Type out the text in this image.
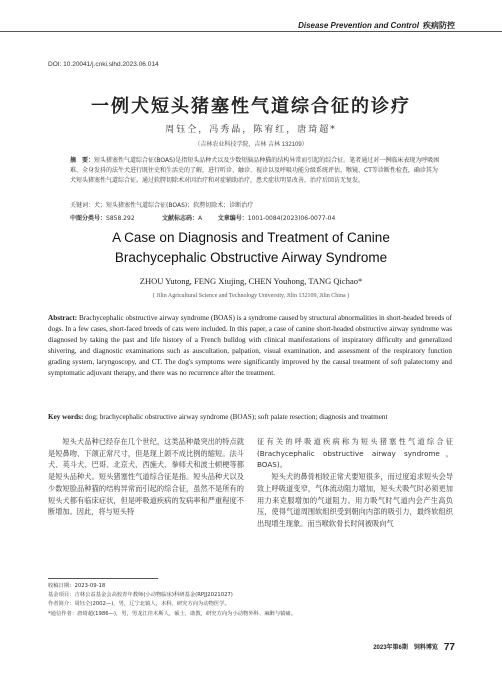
Disease Prevention and Control 疾病防控
DOI: 10.20041/j.cnki.slhd.2023.06.014
一例犬短头猪塞性气道综合征的诊疗
周钰仝，冯秀晶，陈宥红，唐琦超*
（吉林农业科技学院，吉林 吉林 132109）
摘　要：短头猪塞性气道综合征(BOAS)是指短头品种犬以及少数短脑品种猫的结构异常而引起的综合征。笔者通过对一例临床表现为呼吸困难、全身发抖的法牛犬进行既往史和生活史的了解，进行听诊、触诊、视诊以及呼吸功能分级系统评估、喉镜、CT等诊断性检查，确诊其为犬短头猪塞性气道综合征。通过软腭切除术对因治疗和对症辅助治疗，患犬症状明显改善，治疗后回访无复发。
关键词：犬；短头猪塞性气道综合征(BOAS)；软腭切除术；诊断治疗
中图分类号：S858.292	文献标志码：A	文章编号：1001-0084(2023)06-0077-04
A Case on Diagnosis and Treatment of Canine
Brachycephalic Obstructive Airway Syndrome
ZHOU Yutong, FENG Xiujing, CHEN Youhong, TANG Qichao*
( Jilin Agricultural Science and Technology University, Jilin 132109, Jilin China )
Abstract: Brachycephalic obstructive airway syndrome (BOAS) is a syndrome caused by structural abnormalities in short-headed breeds of dogs. In a few cases, short-faced breeds of cats were included. In this paper, a case of canine short-headed obstructive airway syndrome was diagnosed by taking the past and life history of a French bulldog with clinical manifestations of inspiratory difficulty and generalized shivering, and diagnostic examinations such as auscultation, palpation, visual examination, and assessment of the respiratory function grading system, laryngoscopy, and CT. The dog's symptoms were significantly improved by the causal treatment of soft palatectomy and symptomatic adjuvant therapy, and there was no recurrence after the treatment.
Key words: dog; brachycephalic obstructive airway syndrome (BOAS); soft palate resection; diagnosis and treatment

短头犬品种已经存在几个世纪，这类品种最突出的特点就是短鼻吻、下颌正常尺寸，但是现上颌不成比例的缩短。法斗犬、英斗犬、巴哥、北京犬、西施犬、拳师犬和波士顿梗等都是短头品种犬。短头猪塞性气道综合征是指。短头品种犬以及少数短脸品种猫的结构异常而引起的综合征，虽然不是所有的短头犬都有临床症状，但是呼吸道疾病的发病率和严重程度不断增加。因此，将与短头特

征有关的呼吸道疾病称为短头猪塞性气道综合征(Brachycephalic obstructive airway syndrome，BOAS)。

短头犬的鼻骨相较正常犬要短很多，而过度追求短头会导致上呼吸道变窄，气体流动阻力增加，短头犬吸气时必须更加用力来克服增加的气道阻力。用力吸气时气道内会产生高负压，使得气道周围软组织受到朝向内部的吸引力，最终软组织出现增生现象。而当喉软骨长时间被吸向气

收稿日期：2023-09-18
基金项目：吉林公益基金会高校青年教师(小动物临床)科研基金(RPJJ2021027)
作者简介：周钰仝(2002—)，男，辽宁北镇人，本科，研究方向为动物医学。
*通信作者：唐琦超(1986—)，男，男龙江佳木斯人，硕士，助教，研究方向为小动物外科、麻醉与镇痛。
2023年第6期　饲料博览 77
